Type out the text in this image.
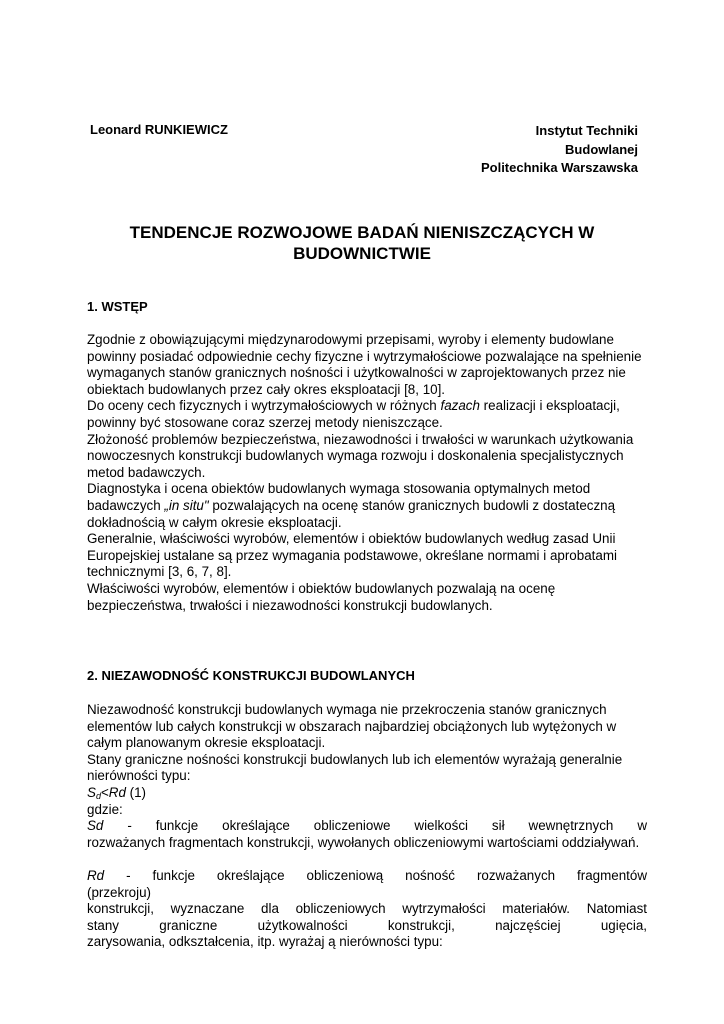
Leonard RUNKIEWICZ	Instytut Techniki
Budowlanej
Politechnika Warszawska
TENDENCJE ROZWOJOWE BADAŃ NIENISZCZĄCYCH W
BUDOWNICTWIE
1. WSTĘP

Zgodnie z obowiązującymi międzynarodowymi przepisami, wyroby i elementy budowlane powinny posiadać odpowiednie cechy fizyczne i wytrzymałościowe pozwalające na spełnienie wymaganych stanów granicznych nośności i użytkowalności w zaprojektowanych przez nie obiektach budowlanych przez cały okres eksploatacji [8, 10].

Do oceny cech fizycznych i wytrzymałościowych w różnych fazach realizacji i eksploatacji, powinny być stosowane coraz szerzej metody nieniszczące.

Złożoność problemów bezpieczeństwa, niezawodności i trwałości w warunkach użytkowania nowoczesnych konstrukcji budowlanych wymaga rozwoju i doskonalenia specjalistycznych metod badawczych.

Diagnostyka i ocena obiektów budowlanych wymaga stosowania optymalnych metod badawczych „in situ" pozwalających na ocenę stanów granicznych budowli z dostateczną dokładnością w całym okresie eksploatacji.

Generalnie, właściwości wyrobów, elementów i obiektów budowlanych według zasad Unii Europejskiej ustalane są przez wymagania podstawowe, określane normami i aprobatami technicznymi [3, 6, 7, 8].

Właściwości wyrobów, elementów i obiektów budowlanych pozwalają na ocenę bezpieczeństwa, trwałości i niezawodności konstrukcji budowlanych.

2. NIEZAWODNOŚĆ KONSTRUKCJI BUDOWLANYCH

Niezawodność konstrukcji budowlanych wymaga nie przekroczenia stanów granicznych elementów lub całych konstrukcji w obszarach najbardziej obciążonych lub wytężonych w całym planowanym okresie eksploatacji.

Stany graniczne nośności konstrukcji budowlanych lub ich elementów wyrażają generalnie nierówności typu:

$S_d<Rd$ (1)

gdzie:

Sd - funkcje określające obliczeniowe wielkości sił wewnętrznych w

rozważanych fragmentach konstrukcji, wywołanych obliczeniowymi wartościami oddziaływań.

Rd - funkcje określające obliczeniową nośność rozważanych fragmentów

(przekroju)

konstrukcji, wyznaczane dla obliczeniowych wytrzymałości materiałów. Natomiast

stany graniczne użytkowalności konstrukcji, najczęściej ugięcia,

zarysowania, odkształcenia, itp. wyrażaj ą nierówności typu:
